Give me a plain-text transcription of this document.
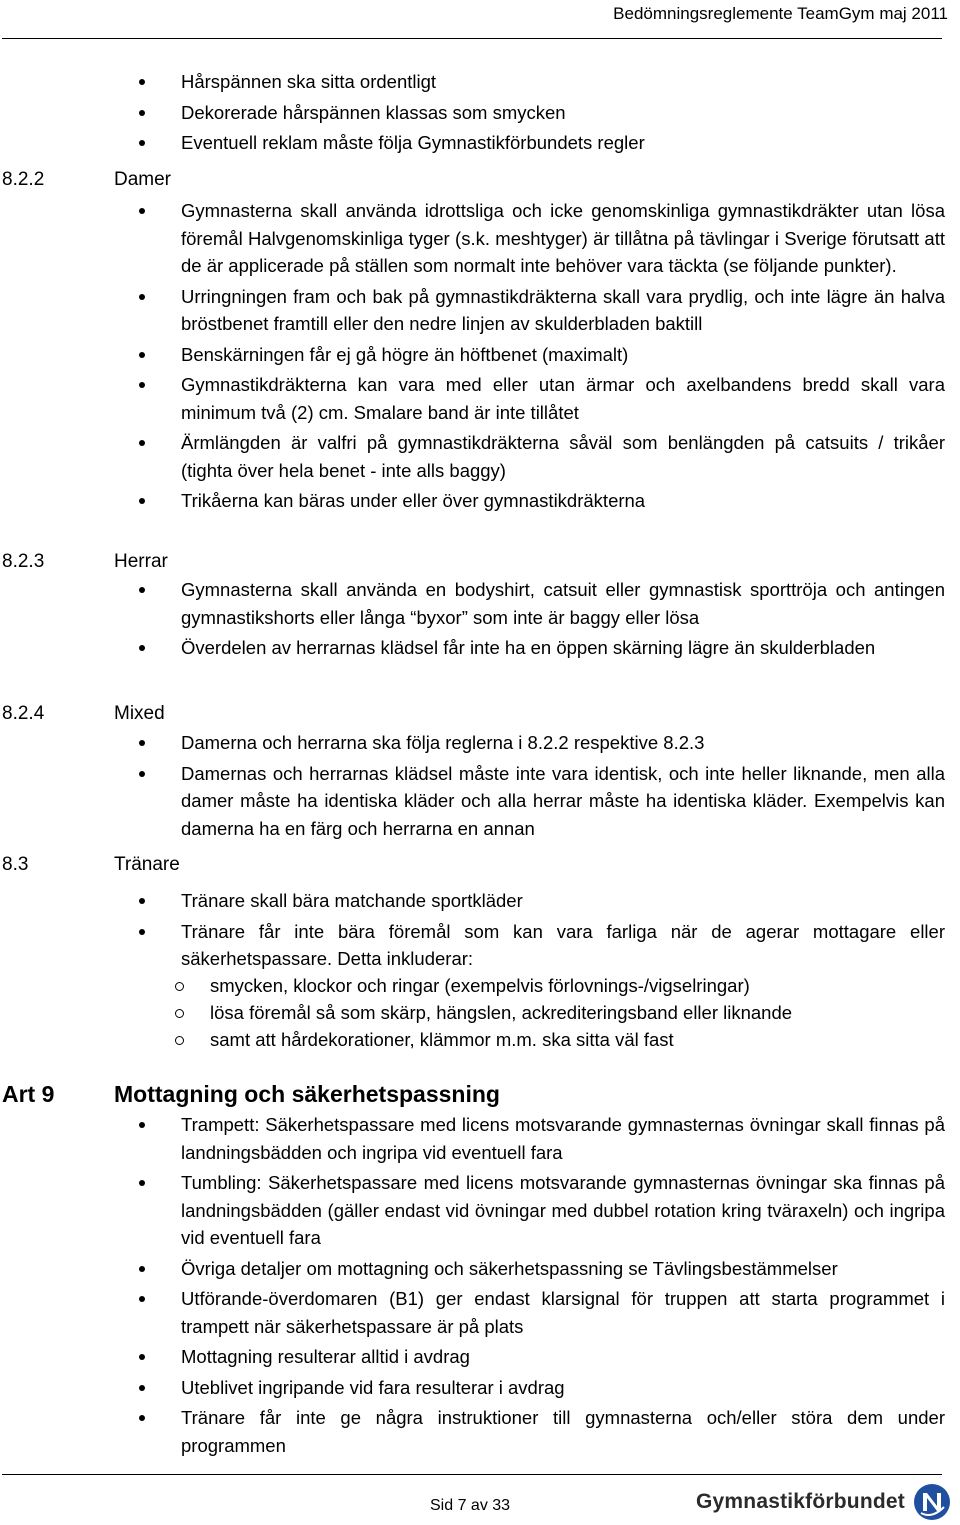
Bedömningsreglemente TeamGym maj 2011
Hårspännen ska sitta ordentligt
Dekorerade hårspännen klassas som smycken
Eventuell reklam måste följa Gymnastikförbundets regler
8.2.2	Damer
Gymnasterna skall använda idrottsliga och icke genomskinliga gymnastikdräkter utan lösa föremål Halvgenomskinliga tyger (s.k. meshtyger) är tillåtna på tävlingar i Sverige förutsatt att de är applicerade på ställen som normalt inte behöver vara täckta (se följande punkter).
Urringningen fram och bak på gymnastikdräkterna skall vara prydlig, och inte lägre än halva bröstbenet framtill eller den nedre linjen av skulderbladen baktill
Benskärningen får ej gå högre än höftbenet (maximalt)
Gymnastikdräkterna kan vara med eller utan ärmar och axelbandens bredd skall vara minimum två (2) cm. Smalare band är inte tillåtet
Ärmlängden är valfri på gymnastikdräkterna såväl som benlängden på catsuits / trikåer (tighta över hela benet - inte alls baggy)
Trikåerna kan bäras under eller över gymnastikdräkterna
8.2.3	Herrar
Gymnasterna skall använda en bodyshirt, catsuit eller gymnastisk sporttröja och antingen gymnastikshorts eller långa “byxor” som inte är baggy eller lösa
Överdelen av herrarnas klädsel får inte ha en öppen skärning lägre än skulderbladen
8.2.4	Mixed
Damerna och herrarna ska följa reglerna i 8.2.2 respektive 8.2.3
Damernas och herrarnas klädsel måste inte vara identisk, och inte heller liknande, men alla damer måste ha identiska kläder och alla herrar måste ha identiska kläder. Exempelvis kan damerna ha en färg och herrarna en annan
8.3	Tränare
Tränare skall bära matchande sportkläder
Tränare får inte bära föremål som kan vara farliga när de agerar mottagare eller säkerhetspassare. Detta inkluderar:
smycken, klockor och ringar (exempelvis förlovnings-/vigselringar)
lösa föremål så som skärp, hängslen, ackrediteringsband eller liknande
samt att hårdekorationer, klämmor m.m. ska sitta väl fast
Art 9	Mottagning och säkerhetspassning
Trampett: Säkerhetspassare med licens motsvarande gymnasternas övningar skall finnas på landningsbädden och ingripa vid eventuell fara
Tumbling: Säkerhetspassare med licens motsvarande gymnasternas övningar ska finnas på landningsbädden (gäller endast vid övningar med dubbel rotation kring tväraxeln) och ingripa vid eventuell fara
Övriga detaljer om mottagning och säkerhetspassning se Tävlingsbestämmelser
Utförande-överdomaren (B1) ger endast klarsignal för truppen att starta programmet i trampett när säkerhetspassare är på plats
Mottagning resulterar alltid i avdrag
Uteblivet ingripande vid fara resulterar i avdrag
Tränare får inte ge några instruktioner till gymnasterna och/eller störa dem under programmen
Sid 7 av 33	Gymnastikförbundet
